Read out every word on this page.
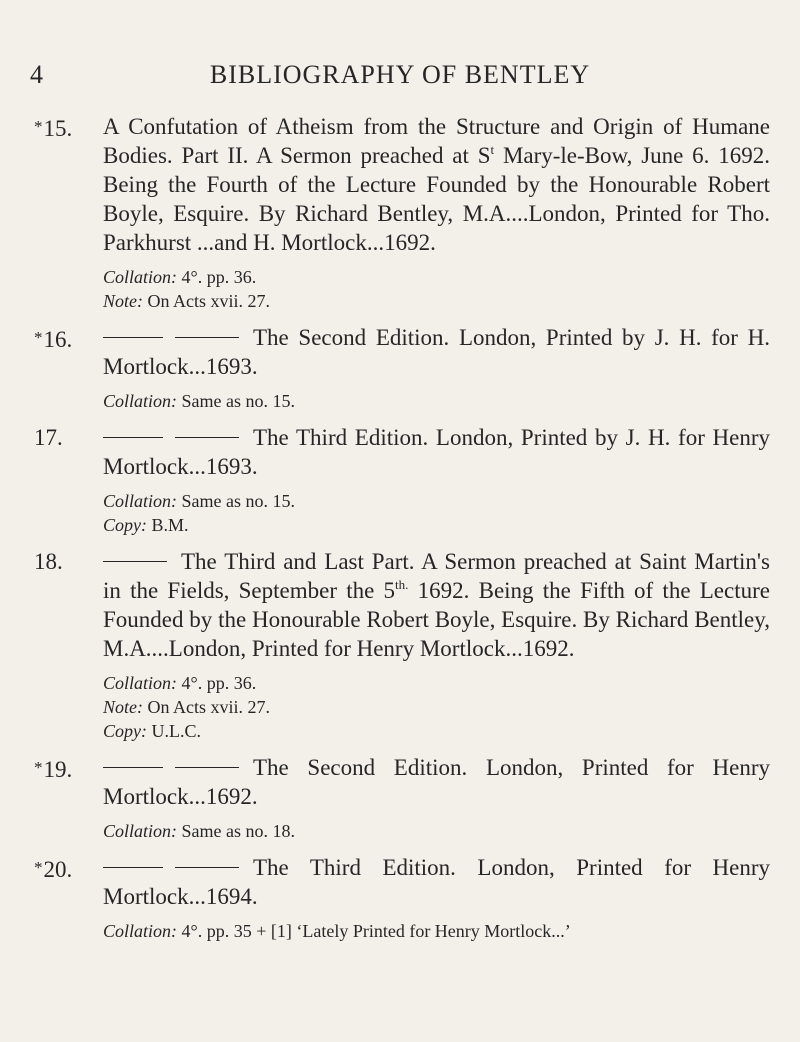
4	BIBLIOGRAPHY OF BENTLEY
*15.	A Confutation of Atheism from the Structure and Origin of Humane Bodies. Part II. A Sermon preached at $S^t$ Mary-le-Bow, June 6. 1692. Being the Fourth of the Lecture Founded by the Honourable Robert Boyle, Esquire. By Richard Bentley, M.A....London, Printed for Tho. Parkhurst ...and H. Mortlock...1692.
Collation: 4°. pp. 36.
Note: On Acts xvii. 27.
*16.	The Second Edition. London, Printed by J. H. for H. Mortlock...1693.
Collation: Same as no. 15.
17.	The Third Edition. London, Printed by J. H. for Henry Mortlock...1693.
Collation: Same as no. 15.
Copy: B.M.
18.	The Third and Last Part. A Sermon preached at Saint Martin's in the Fields, September the $5^{th.}$ 1692. Being the Fifth of the Lecture Founded by the Honourable Robert Boyle, Esquire. By Richard Bentley, M.A....London, Printed for Henry Mortlock...1692.
Collation: 4°. pp. 36.
Note: On Acts xvii. 27.
Copy: U.L.C.
*19.	The Second Edition. London, Printed for Henry Mortlock...1692.
Collation: Same as no. 18.
*20.	The Third Edition. London, Printed for Henry Mortlock...1694.
Collation: 4°. pp. 35 + [1] ‘Lately Printed for Henry Mortlock...’
